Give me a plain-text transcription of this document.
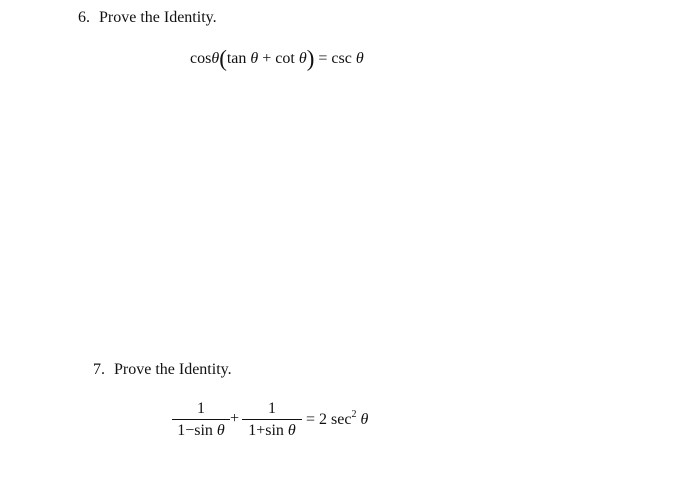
6. Prove the Identity.
cosθ(tan θ + cot θ) = csc θ
7. Prove the Identity.
1
1−sin θ
+
1
1+sin θ
= 2 $\sec^2 \theta$
